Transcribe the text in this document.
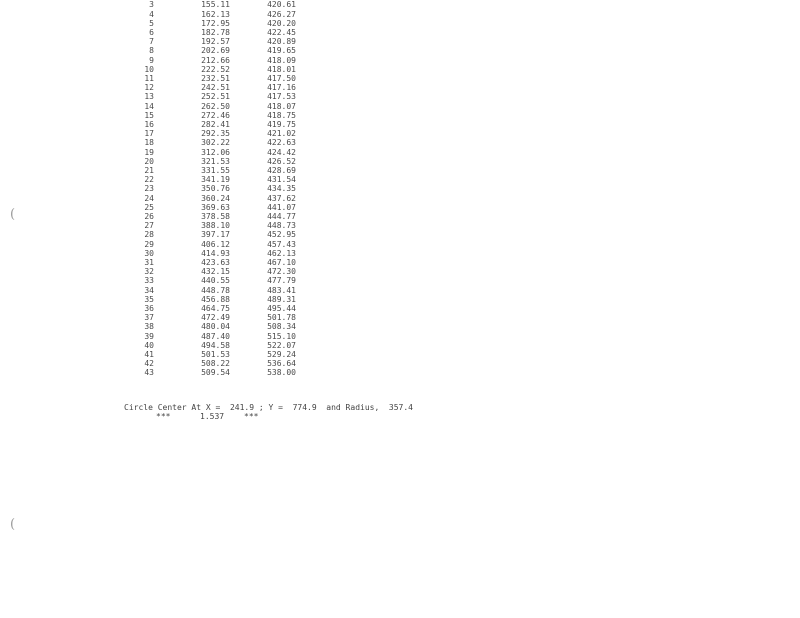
3	155.11	420.61
4	162.13	426.27
5	172.95	420.20
6	182.78	422.45
7	192.57	420.89
8	202.69	419.65
9	212.66	418.09
10	222.52	418.01
11	232.51	417.50
12	242.51	417.16
13	252.51	417.53
14	262.50	418.07
15	272.46	418.75
16	282.41	419.75
17	292.35	421.02
18	302.22	422.63
19	312.06	424.42
20	321.53	426.52
21	331.55	428.69
22	341.19	431.54
23	350.76	434.35
24	360.24	437.62
25	369.63	441.07
26	378.58	444.77
27	388.10	448.73
28	397.17	452.95
29	406.12	457.43
30	414.93	462.13
31	423.63	467.10
32	432.15	472.30
33	440.55	477.79
34	448.78	483.41
35	456.88	489.31
36	464.75	495.44
37	472.49	501.78
38	480.04	508.34
39	487.40	515.10
40	494.58	522.07
41	501.53	529.24
42	508.22	536.64
43	509.54	538.00
Circle Center At X =  241.9 ; Y =  774.9  and Radius,  357.4
***	1.537 ***
(
(
